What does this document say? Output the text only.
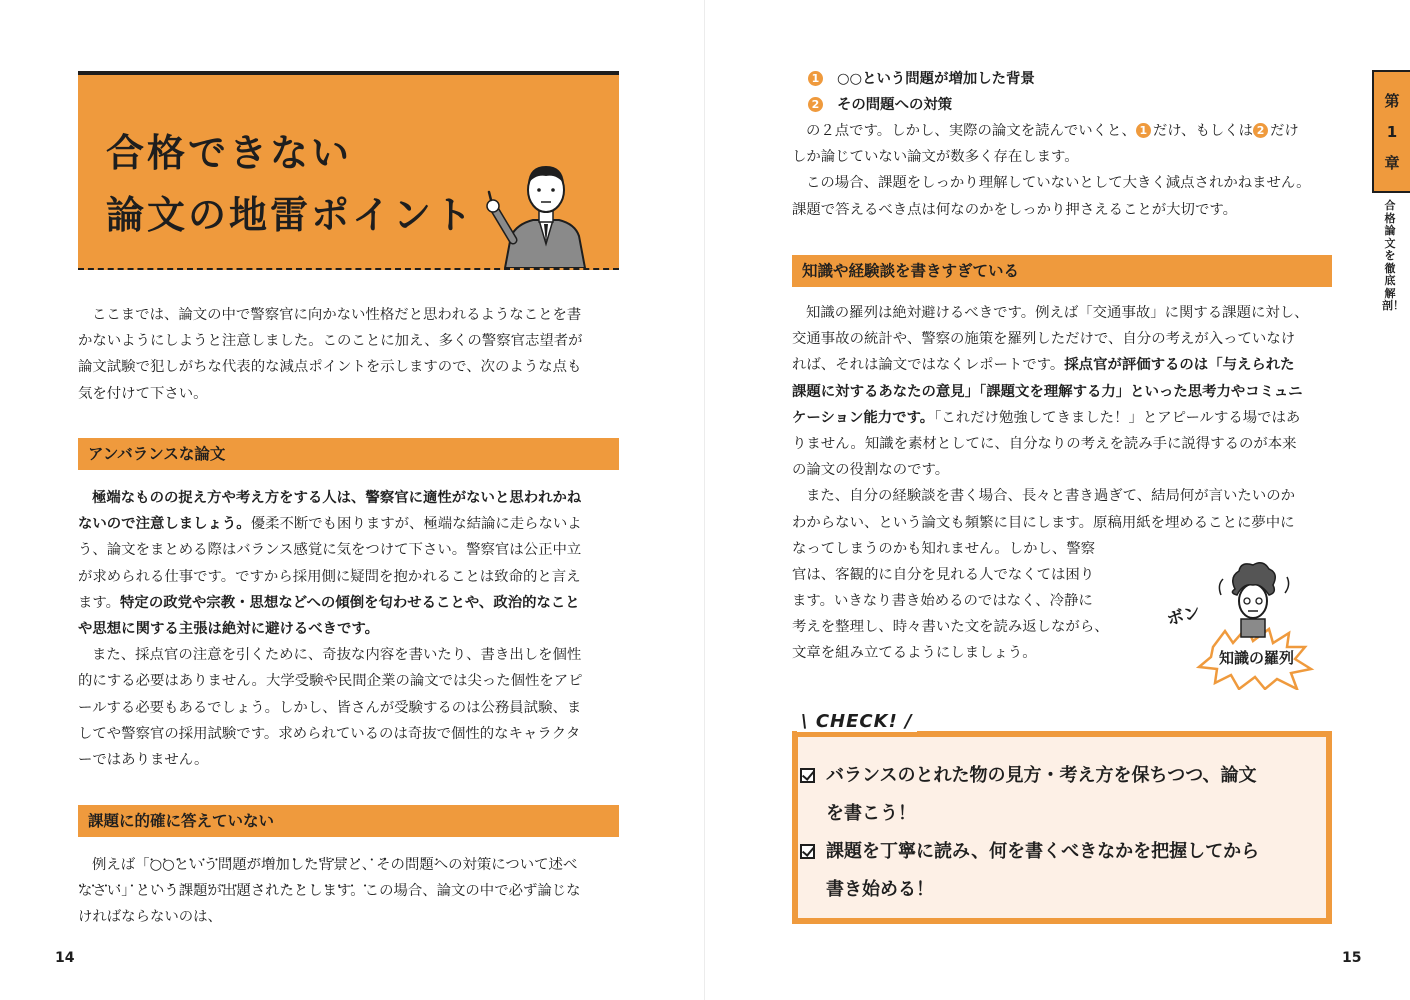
合格できない
論文の地雷ポイント
ここまでは、論文の中で警察官に向かない性格だと思われるようなことを書
かないようにしようと注意しました。このことに加え、多くの警察官志望者が
論文試験で犯しがちな代表的な減点ポイントを示しますので、次のような点も
気を付けて下さい。
アンバランスな論文
極端なものの捉え方や考え方をする人は、警察官に適性がないと思われかね
ないので注意しましょう。優柔不断でも困りますが、極端な結論に走らないよ
う、論文をまとめる際はバランス感覚に気をつけて下さい。警察官は公正中立
が求められる仕事です。ですから採用側に疑問を抱かれることは致命的と言え
ます。特定の政党や宗教・思想などへの傾倒を匂わせることや、政治的なこと
や思想に関する主張は絶対に避けるべきです。
また、採点官の注意を引くために、奇抜な内容を書いたり、書き出しを個性
的にする必要はありません。大学受験や民間企業の論文では尖った個性をアピ
ールする必要もあるでしょう。しかし、皆さんが受験するのは公務員試験、ま
してや警察官の採用試験です。求められているのは奇抜で個性的なキャラクタ
ーではありません。
課題に的確に答えていない
例えば「• • • ○○という問題が増加した背景と、その問題への対策について述べ
• • • なさい」という課題が出題されたとします。この場合、論文の中で必ず論じな
ければならないのは、
14
1 ○○という問題が増加した背景
2 その問題への対策
の２点です。しかし、実際の論文を読んでいくと、 1 だけ、もしくは 2 だけ
しか論じていない論文が数多く存在します。
この場合、課題をしっかり理解していないとして大きく減点されかねません。
課題で答えるべき点は何なのかをしっかり押さえることが大切です。
知識や経験談を書きすぎている
知識の羅列は絶対避けるべきです。例えば「交通事故」に関する課題に対し、
交通事故の統計や、警察の施策を羅列しただけで、自分の考えが入っていなけ
れば、それは論文ではなくレポートです。採点官が評価するのは「与えられた
課題に対するあなたの意見」「課題文を理解する力」といった思考力やコミュニ
ケーション能力です。「これだけ勉強してきました！」とアピールする場ではあ
りません。知識を素材としてに、自分なりの考えを読み手に説得するのが本来
の論文の役割なのです。
また、自分の経験談を書く場合、長々と書き過ぎて、結局何が言いたいのか
わからない、という論文も頻繁に目にします。原稿用紙を埋めることに夢中に
なってしまうのかも知れません。しかし、警察
官は、客観的に自分を見れる人でなくては困り
ます。いきなり書き始めるのではなく、冷静に
考えを整理し、時々書いた文を読み返しながら、
文章を組み立てるようにしましょう。
ボン
知識の羅列
バランスのとれた物の見方・考え方を保ちつつ、論文
を書こう！
課題を丁寧に読み、何を書くべきなかを把握してから
書き始める！
\ CHECK! /
第
1
章
合格論文を徹底解剖！
15
